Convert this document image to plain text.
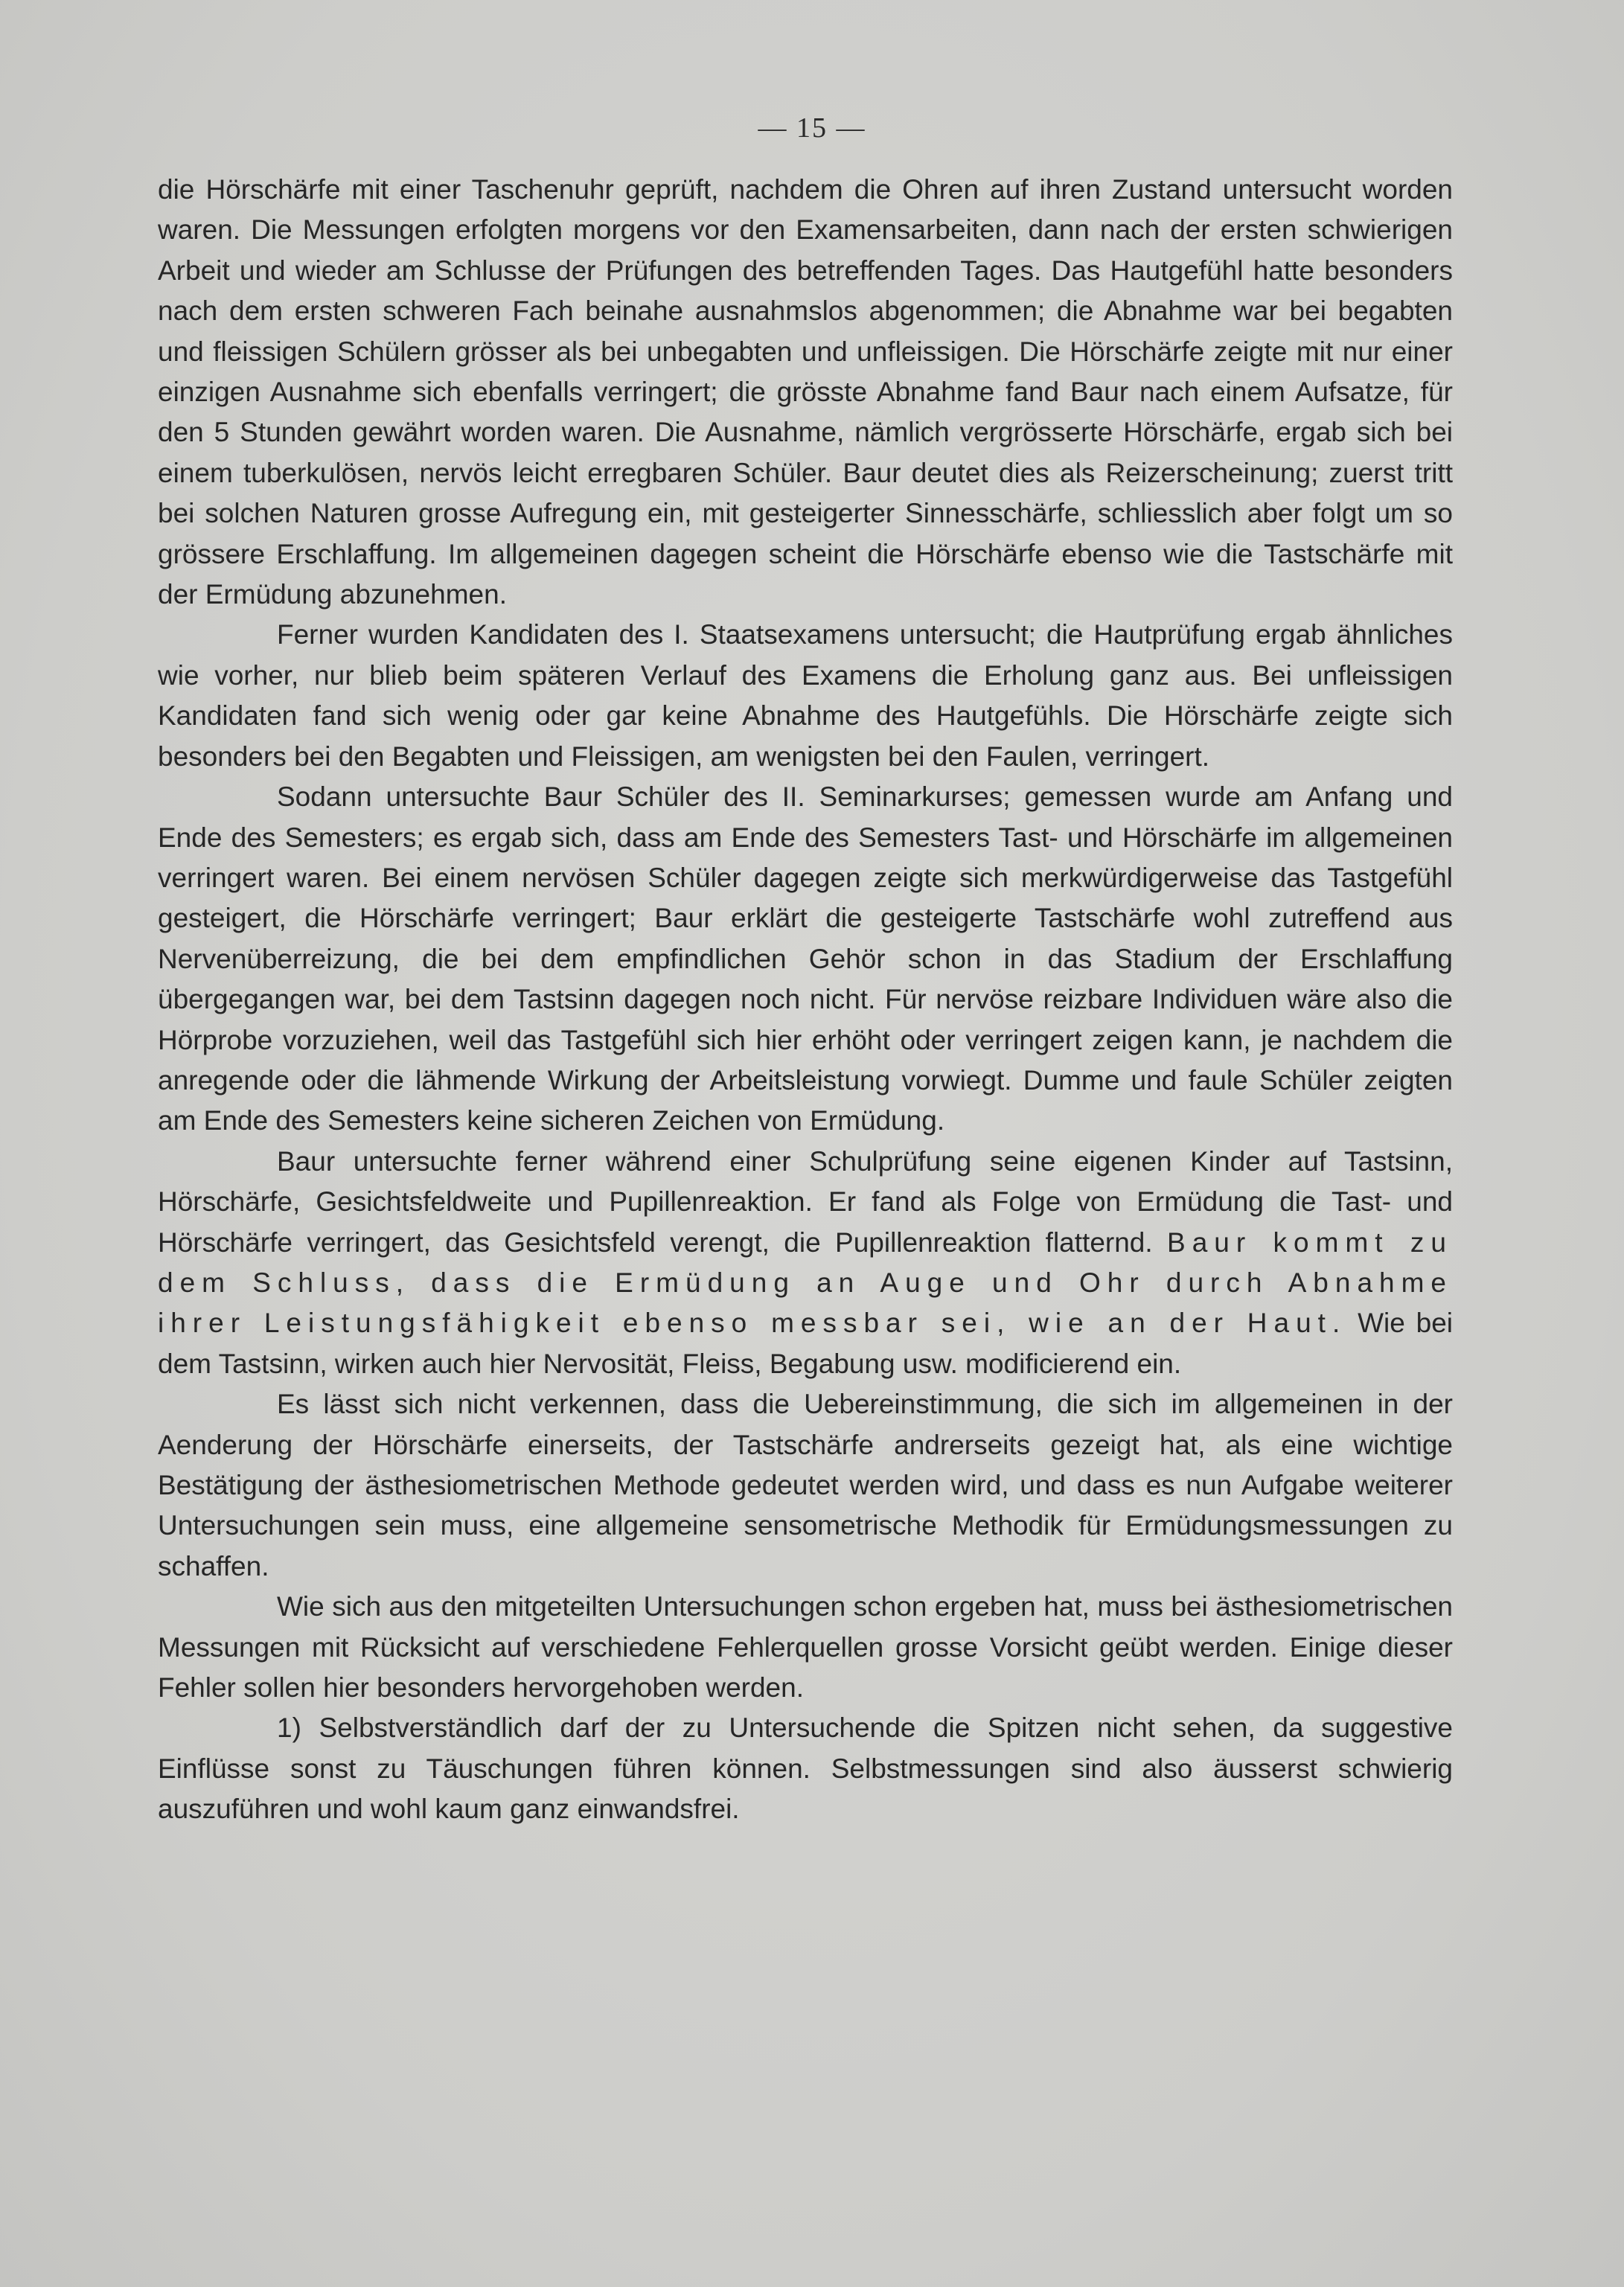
— 15 —

die Hörschärfe mit einer Taschenuhr geprüft, nachdem die Ohren auf ihren Zustand untersucht worden waren. Die Messungen erfolgten morgens vor den Examensarbeiten, dann nach der ersten schwierigen Arbeit und wieder am Schlusse der Prüfungen des betreffenden Tages. Das Hautgefühl hatte besonders nach dem ersten schweren Fach beinahe ausnahmslos abgenommen; die Abnahme war bei begabten und fleissigen Schülern grösser als bei unbegabten und unfleissigen. Die Hörschärfe zeigte mit nur einer einzigen Ausnahme sich ebenfalls verringert; die grösste Abnahme fand Baur nach einem Aufsatze, für den 5 Stunden gewährt worden waren. Die Ausnahme, nämlich vergrösserte Hörschärfe, ergab sich bei einem tuberkulösen, nervös leicht erregbaren Schüler. Baur deutet dies als Reizerscheinung; zuerst tritt bei solchen Naturen grosse Aufregung ein, mit gesteigerter Sinnesschärfe, schliesslich aber folgt um so grössere Erschlaffung. Im allgemeinen dagegen scheint die Hörschärfe ebenso wie die Tastschärfe mit der Ermüdung abzunehmen.

Ferner wurden Kandidaten des I. Staatsexamens untersucht; die Hautprüfung ergab ähnliches wie vorher, nur blieb beim späteren Verlauf des Examens die Erholung ganz aus. Bei unfleissigen Kandidaten fand sich wenig oder gar keine Abnahme des Hautgefühls. Die Hörschärfe zeigte sich besonders bei den Begabten und Fleissigen, am wenigsten bei den Faulen, verringert.

Sodann untersuchte Baur Schüler des II. Seminarkurses; gemessen wurde am Anfang und Ende des Semesters; es ergab sich, dass am Ende des Semesters Tast- und Hörschärfe im allgemeinen verringert waren. Bei einem nervösen Schüler dagegen zeigte sich merkwürdigerweise das Tastgefühl gesteigert, die Hörschärfe verringert; Baur erklärt die gesteigerte Tastschärfe wohl zutreffend aus Nervenüberreizung, die bei dem empfindlichen Gehör schon in das Stadium der Erschlaffung übergegangen war, bei dem Tastsinn dagegen noch nicht. Für nervöse reizbare Individuen wäre also die Hörprobe vorzuziehen, weil das Tastgefühl sich hier erhöht oder verringert zeigen kann, je nachdem die anregende oder die lähmende Wirkung der Arbeitsleistung vorwiegt. Dumme und faule Schüler zeigten am Ende des Semesters keine sicheren Zeichen von Ermüdung.

Baur untersuchte ferner während einer Schulprüfung seine eigenen Kinder auf Tastsinn, Hörschärfe, Gesichtsfeldweite und Pupillenreaktion. Er fand als Folge von Ermüdung die Tast- und Hörschärfe verringert, das Gesichtsfeld verengt, die Pupillenreaktion flatternd. Baur kommt zu dem Schluss, dass die Ermüdung an Auge und Ohr durch Abnahme ihrer Leistungsfähigkeit ebenso messbar sei, wie an der Haut. Wie bei dem Tastsinn, wirken auch hier Nervosität, Fleiss, Begabung usw. modificierend ein.

Es lässt sich nicht verkennen, dass die Uebereinstimmung, die sich im allgemeinen in der Aenderung der Hörschärfe einerseits, der Tastschärfe andrerseits gezeigt hat, als eine wichtige Bestätigung der ästhesiometrischen Methode gedeutet werden wird, und dass es nun Aufgabe weiterer Untersuchungen sein muss, eine allgemeine sensometrische Methodik für Ermüdungsmessungen zu schaffen.

Wie sich aus den mitgeteilten Untersuchungen schon ergeben hat, muss bei ästhesiometrischen Messungen mit Rücksicht auf verschiedene Fehlerquellen grosse Vorsicht geübt werden. Einige dieser Fehler sollen hier besonders hervorgehoben werden.

1) Selbstverständlich darf der zu Untersuchende die Spitzen nicht sehen, da suggestive Einflüsse sonst zu Täuschungen führen können. Selbstmessungen sind also äusserst schwierig auszuführen und wohl kaum ganz einwandsfrei.
